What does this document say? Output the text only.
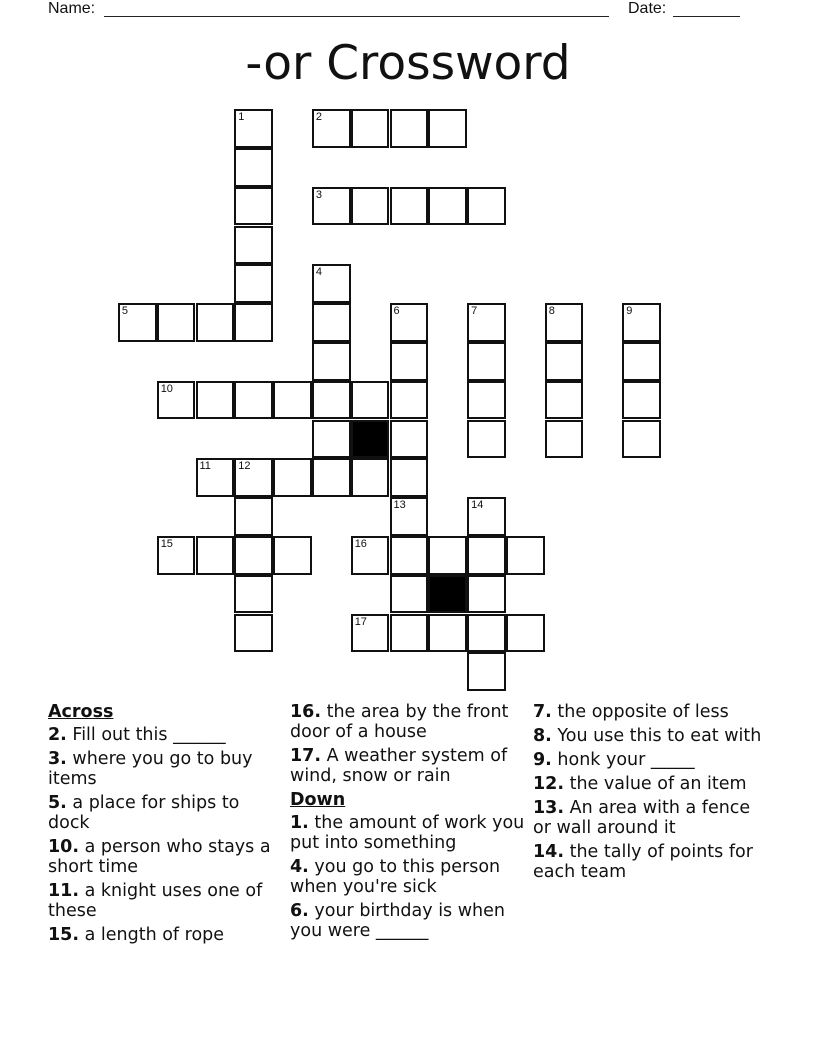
Name:	Date:
-or Crossword
1	2
3
4
5	6	7	8	9
10
11 12
13	14
15	16
17
Across
2. Fill out this ______
3. where you go to buy items
5. a place for ships to dock
10. a person who stays a short time
11. a knight uses one of these
15. a length of rope
16. the area by the front door of a house
17. A weather system of wind, snow or rain
Down
1. the amount of work you put into something
4. you go to this person when you're sick
6. your birthday is when you were ______
7. the opposite of less
8. You use this to eat with
9. honk your _____
12. the value of an item
13. An area with a fence or wall around it
14. the tally of points for each team
